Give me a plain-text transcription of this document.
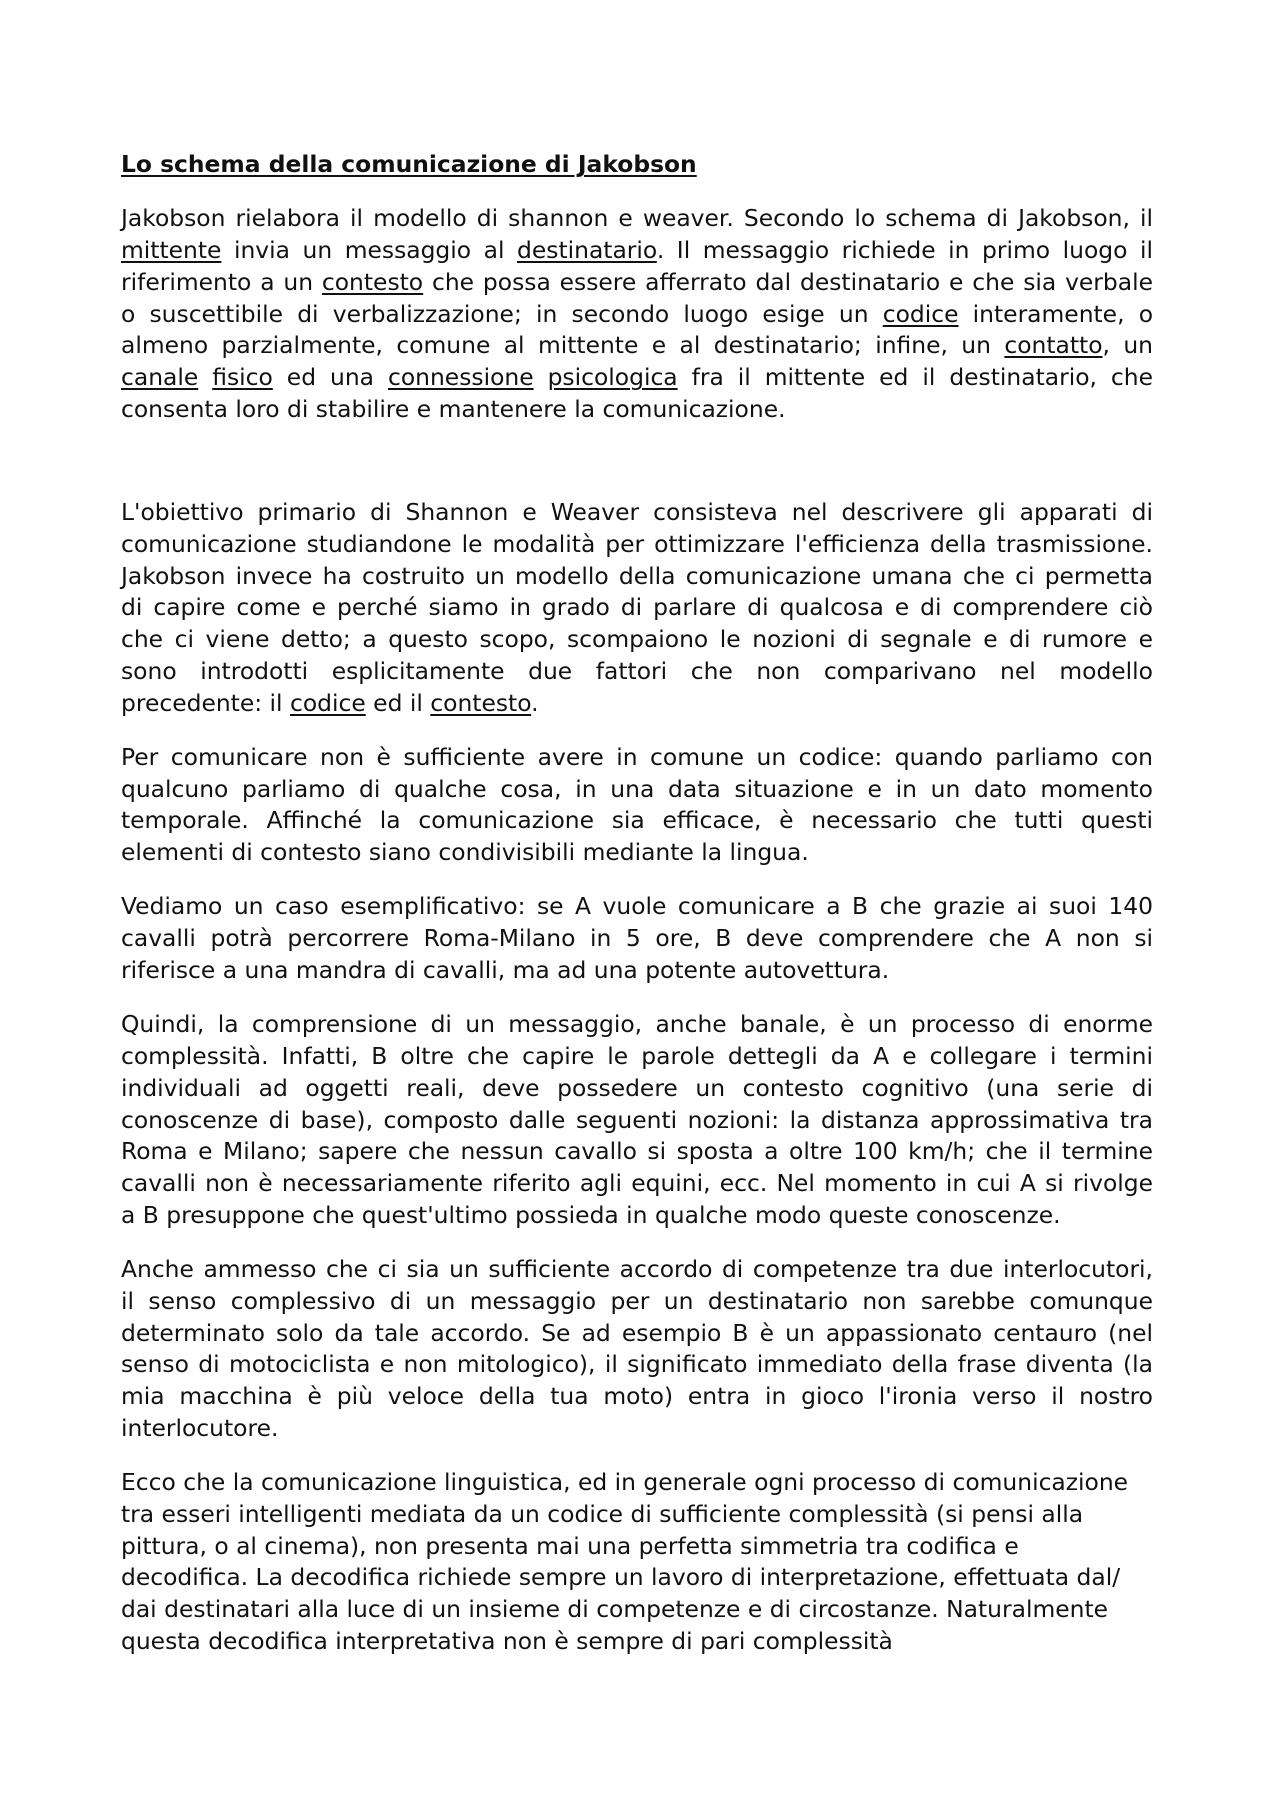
Lo schema della comunicazione di Jakobson
Jakobson rielabora il modello di shannon e weaver. Secondo lo schema di Jakobson, il
mittente invia un messaggio al destinatario. Il messaggio richiede in primo luogo il
riferimento a un contesto che possa essere afferrato dal destinatario e che sia verbale
o suscettibile di verbalizzazione; in secondo luogo esige un codice interamente, o
almeno parzialmente, comune al mittente e al destinatario; infine, un contatto, un
canale fisico ed una connessione psicologica fra il mittente ed il destinatario, che
consenta loro di stabilire e mantenere la comunicazione.
L'obiettivo primario di Shannon e Weaver consisteva nel descrivere gli apparati di
comunicazione studiandone le modalità per ottimizzare l'efficienza della trasmissione.
Jakobson invece ha costruito un modello della comunicazione umana che ci permetta
di capire come e perché siamo in grado di parlare di qualcosa e di comprendere ciò
che ci viene detto; a questo scopo, scompaiono le nozioni di segnale e di rumore e
sono introdotti esplicitamente due fattori che non comparivano nel modello
precedente: il codice ed il contesto.
Per comunicare non è sufficiente avere in comune un codice: quando parliamo con
qualcuno parliamo di qualche cosa, in una data situazione e in un dato momento
temporale. Affinché la comunicazione sia efficace, è necessario che tutti questi
elementi di contesto siano condivisibili mediante la lingua.
Vediamo un caso esemplificativo: se A vuole comunicare a B che grazie ai suoi 140
cavalli potrà percorrere Roma-Milano in 5 ore, B deve comprendere che A non si
riferisce a una mandra di cavalli, ma ad una potente autovettura.
Quindi, la comprensione di un messaggio, anche banale, è un processo di enorme
complessità. Infatti, B oltre che capire le parole dettegli da A e collegare i termini
individuali ad oggetti reali, deve possedere un contesto cognitivo (una serie di
conoscenze di base), composto dalle seguenti nozioni: la distanza approssimativa tra
Roma e Milano; sapere che nessun cavallo si sposta a oltre 100 km/h; che il termine
cavalli non è necessariamente riferito agli equini, ecc. Nel momento in cui A si rivolge
a B presuppone che quest'ultimo possieda in qualche modo queste conoscenze.
Anche ammesso che ci sia un sufficiente accordo di competenze tra due interlocutori,
il senso complessivo di un messaggio per un destinatario non sarebbe comunque
determinato solo da tale accordo. Se ad esempio B è un appassionato centauro (nel
senso di motociclista e non mitologico), il significato immediato della frase diventa (la
mia macchina è più veloce della tua moto) entra in gioco l'ironia verso il nostro
interlocutore.
Ecco che la comunicazione linguistica, ed in generale ogni processo di comunicazione
tra esseri intelligenti mediata da un codice di sufficiente complessità (si pensi alla
pittura, o al cinema), non presenta mai una perfetta simmetria tra codifica e
decodifica. La decodifica richiede sempre un lavoro di interpretazione, effettuata dal/
dai destinatari alla luce di un insieme di competenze e di circostanze. Naturalmente
questa decodifica interpretativa non è sempre di pari complessità
